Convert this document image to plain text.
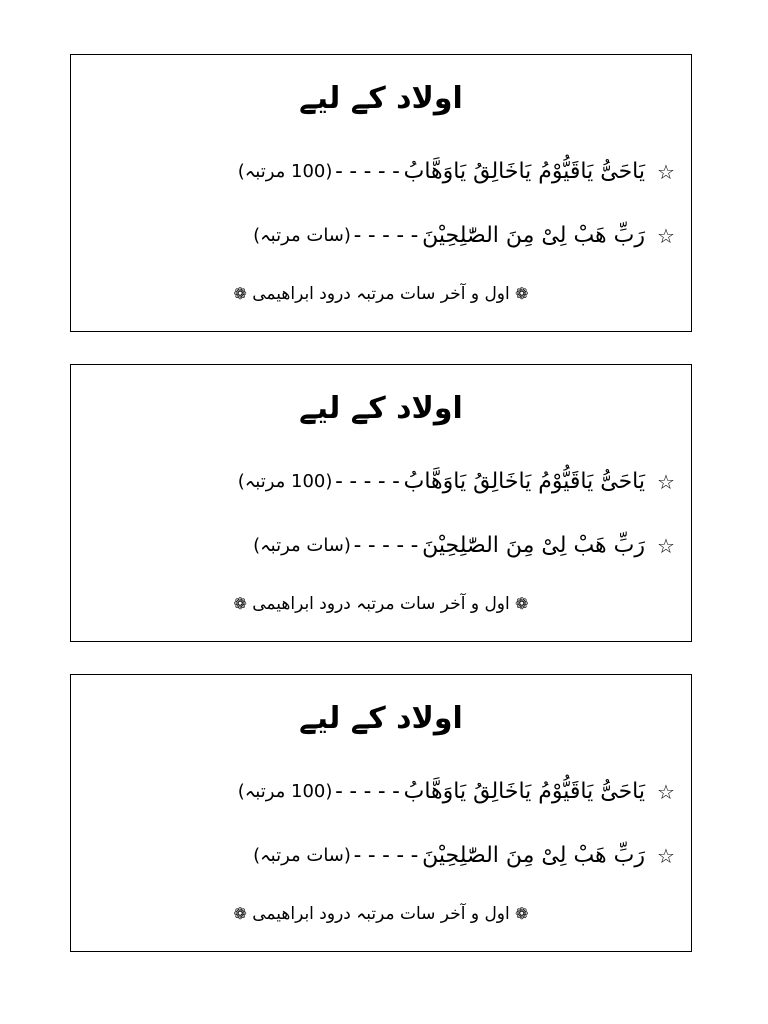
اولاد کے لیے
☆
یَاحَیُّ یَاقَیُّوْمُ یَاخَالِقُ یَاوَھَّابُ
-----
(100 مرتبہ)
☆
رَبِّ ھَبْ لِیْ مِنَ الصّٰلِحِیْنَ
-----
(سات مرتبہ)
❁ اول و آخر سات مرتبہ درود ابراھیمی ❁
اولاد کے لیے
☆
یَاحَیُّ یَاقَیُّوْمُ یَاخَالِقُ یَاوَھَّابُ
-----
(100 مرتبہ)
☆
رَبِّ ھَبْ لِیْ مِنَ الصّٰلِحِیْنَ
-----
(سات مرتبہ)
❁ اول و آخر سات مرتبہ درود ابراھیمی ❁
اولاد کے لیے
☆
یَاحَیُّ یَاقَیُّوْمُ یَاخَالِقُ یَاوَھَّابُ
-----
(100 مرتبہ)
☆
رَبِّ ھَبْ لِیْ مِنَ الصّٰلِحِیْنَ
-----
(سات مرتبہ)
❁ اول و آخر سات مرتبہ درود ابراھیمی ❁
